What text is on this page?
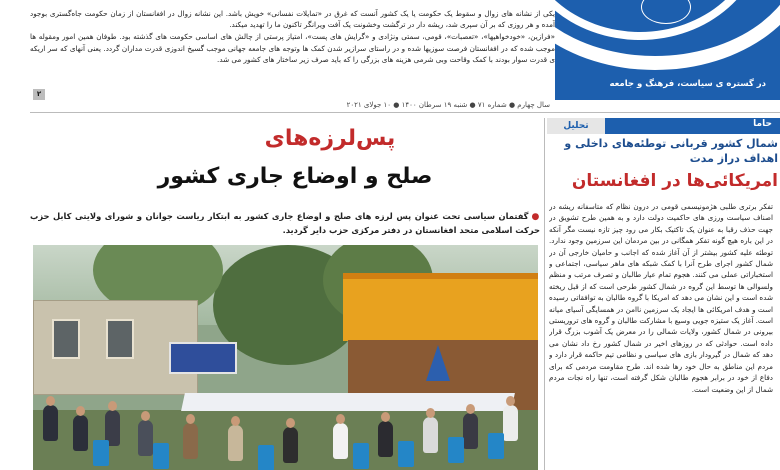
یکی از نشانه های زوال و سقوط یک حکومت یا یک کشور آنست که غرق در «تمایلات نفسانی» خویش باشد. این نشانه زوال در افغانستان از زمان حکومت جاه‌گستری بوجود آمده و هر روزی که بر آن سپری شد، ریشه دار در ترگشت وخشونت یک آفت ویرانگر تاکنون ما را تهدید میکند.

«فرازین، «خودخواهیها»، «تعصبات»، قومی، سمتی ونژادی و «گرایش های پست»، امتیاز پرستی از چالش های اساسی حکومت های گذشته بود. طوفان همین امور ومقوله ها موجب شده که در افغانستان فرصت سوزیها شده و در راستای سرازیر شدن کمک ها وتوجه های جامعه جهانی موجب گسیخ اندوزی قدرت مداران گردد. یعنی آنهای که سر اریکه ی قدرت سوار بودند با کمک وقاحت وبی شرمی هزینه هاى بزرگی را که باید صرف زیر ساختار های کشور می شد.

۲
در گستره ی سیاست، فرهنگ و جامعه
سال چهارم ● شماره ۷۱ ● شنبه ۱۹ سرطان ۱۴۰۰ ● ۱۰ جولای ۲۰۲۱
حاما
تحلیل
شمال کشور قربانی توطئه‌های داخلی و اهداف دراز مدت
امریکائی‌ها در افغانستان
تفکر برتری طلبی هژمونیسمی قومی در درون نظام که متاسفانه ریشه در اصناف سیاست ورزی های حاکمیت دولت دارد و به همین طرح تشویق در جهت حذف رقبا به عنوان یک تاکتیک بکار می رود چیز تازه نیست مگر آنکه در این باره هیچ گونه تفکر همگانی در بین مردمان این سرزمین وجود ندارد. توطئه علیه کشور بیشتر از آن آغاز شده که اجانب و حامیان خارجی آن در شمال کشور اجرای طرح آنرا با کمک شبکه های ماهر سیاسی، اجتماعی و استخباراتی عملی می کنند. هجوم تمام عیار طالبان و تصرف مرتب و منظم ولسوالی ها توسط این گروه در شمال کشور طرحی است که از قبل ریخته شده است و این نشان می دهد که امریکا با گروه طالبان به توافقاتی رسیده است و هدف امریکائی ها ایجاد یک سرزمین ناامن در همسایگی آسیای میانه است. آغاز یک ستیزه جویی وسیع با مشارکت طالبان و گروه های تروریستی بیرونی در شمال کشور، ولایات شمالی را در معرض یک آشوب بزرگ قرار داده است. حوادثی که در روزهای اخیر در شمال کشور رخ داد نشان می دهد که شمال در گیرودار بازی های سیاسی و نظامی تیم حاکمه قرار دارد و مردم این مناطق به حال خود رها شده اند. طرح مقاومت مردمی که برای دفاع از خود در برابر هجوم طالبان شکل گرفته است، تنها راه نجات مردم شمال از این وضعیت است.
پس‌لرزه‌های
صلح و اوضاع جاری کشور
●گفتمان سیاسی تحت عنوان پس لرزه های صلح و اوضاع جاری کشور به ابتکار ریاست جوانان و شورای ولایتی کابل حزب حرکت اسلامی متحد افغانستان در دفتر مرکزی حزب دایر گردید.
